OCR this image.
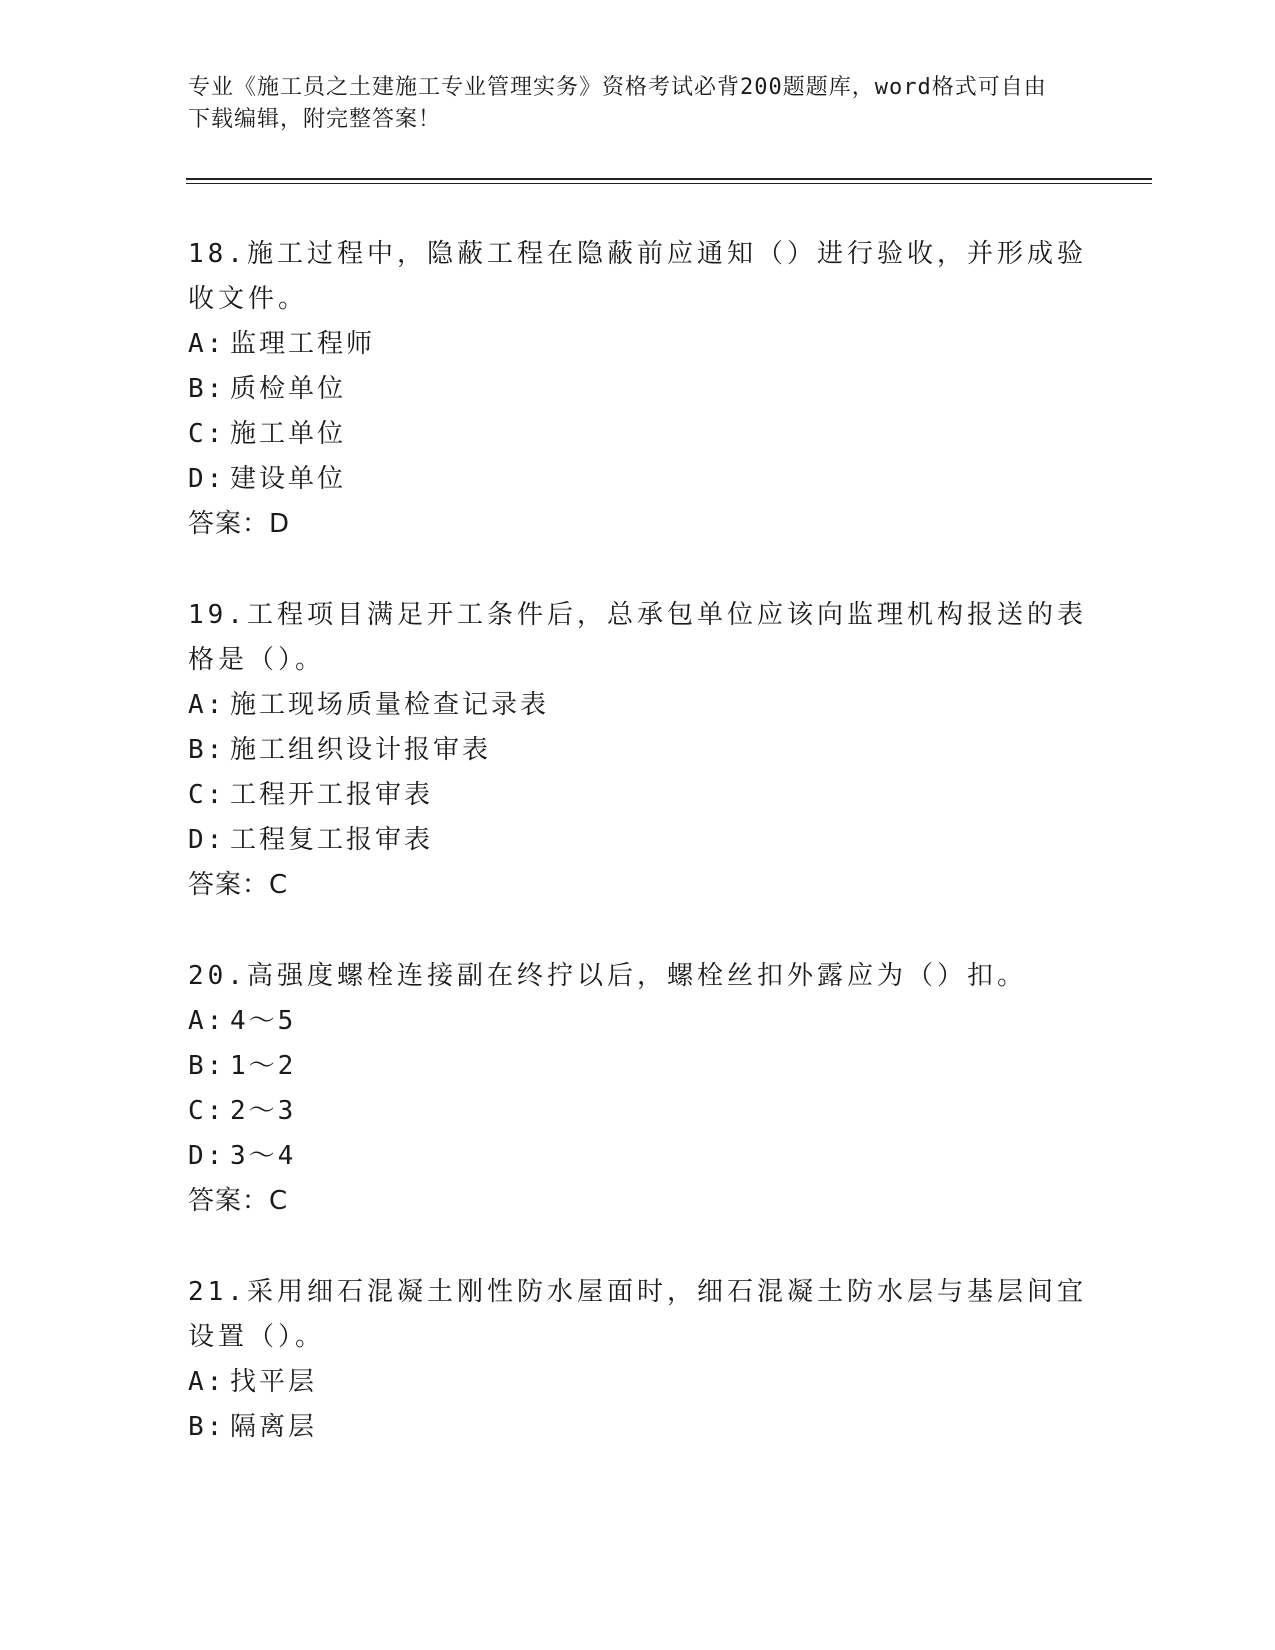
专业《施工员之土建施工专业管理实务》资格考试必背200题题库，word格式可自由下载编辑，附完整答案！

18.施工过程中，隐蔽工程在隐蔽前应通知（）进行验收，并形成验收文件。

A: 监理工程师
B: 质检单位
C: 施工单位
D: 建设单位

答案：D

19.工程项目满足开工条件后，总承包单位应该向监理机构报送的表格是（）。

A: 施工现场质量检查记录表
B: 施工组织设计报审表
C: 工程开工报审表
D: 工程复工报审表

答案：C

20.高强度螺栓连接副在终拧以后，螺栓丝扣外露应为（）扣。

A: 4～5
B: 1～2
C: 2～3
D: 3～4

答案：C

21.采用细石混凝土刚性防水屋面时，细石混凝土防水层与基层间宜设置（）。

A: 找平层
B: 隔离层
